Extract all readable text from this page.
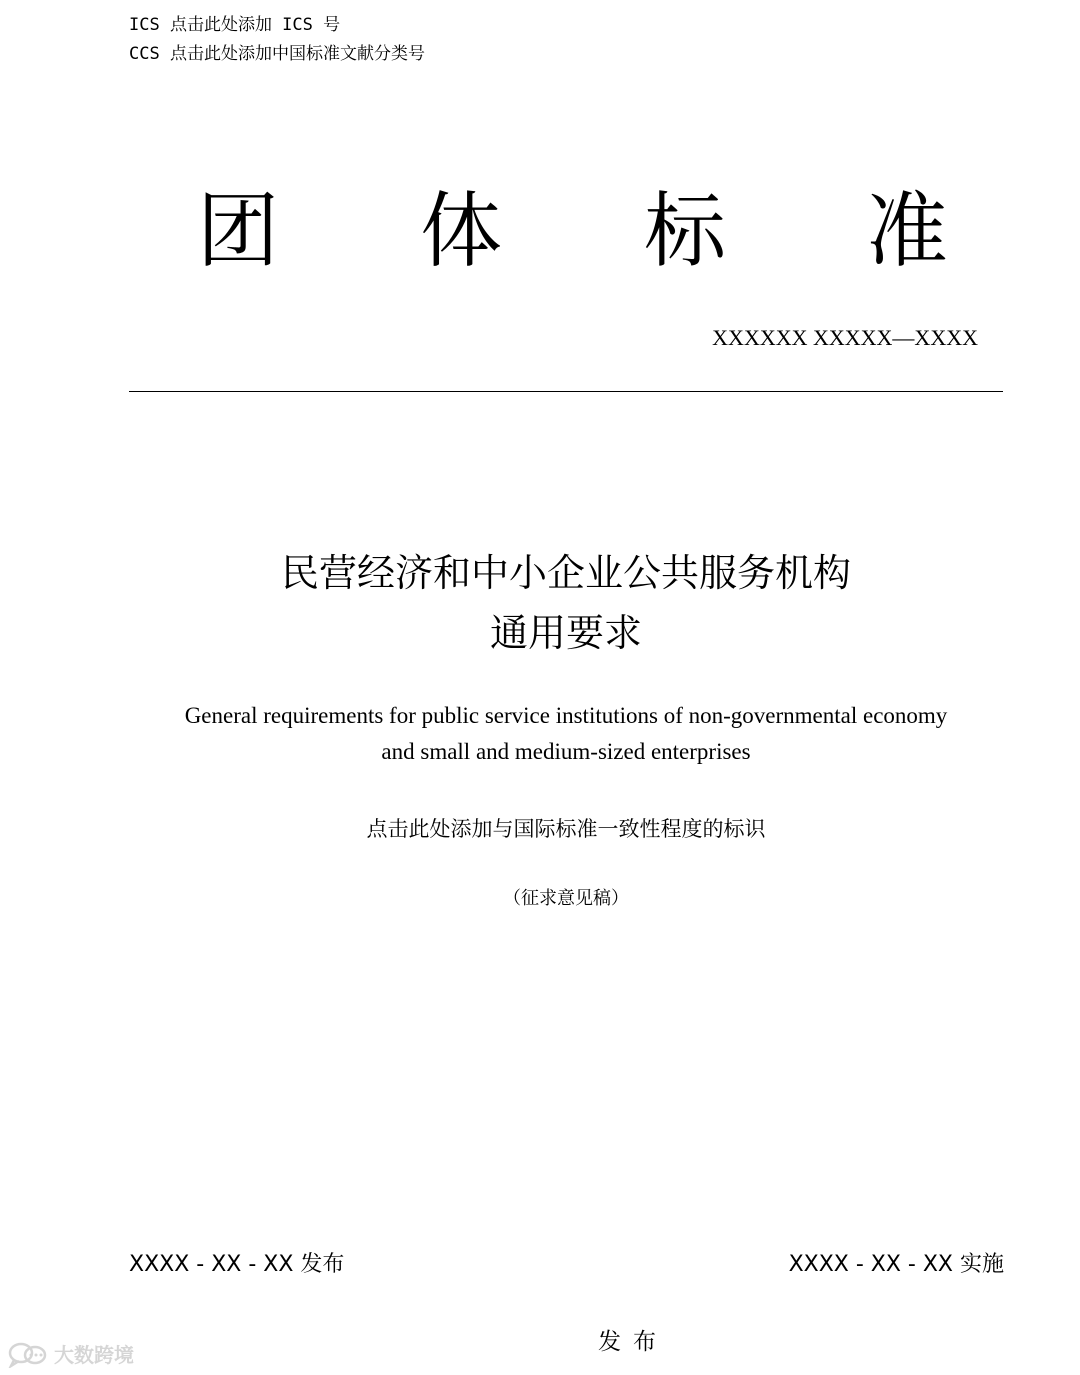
ICS 点击此处添加 ICS 号
CCS 点击此处添加中国标准文献分类号
团 体 标 准
XXXXXX XXXXX—XXXX
民营经济和中小企业公共服务机构
通用要求
General requirements for public service institutions of non-governmental economy
and small and medium-sized enterprises
点击此处添加与国际标准一致性程度的标识
（征求意见稿）
XXXX - XX - XX 发布	XXXX - XX - XX 实施
发布
大数跨境
